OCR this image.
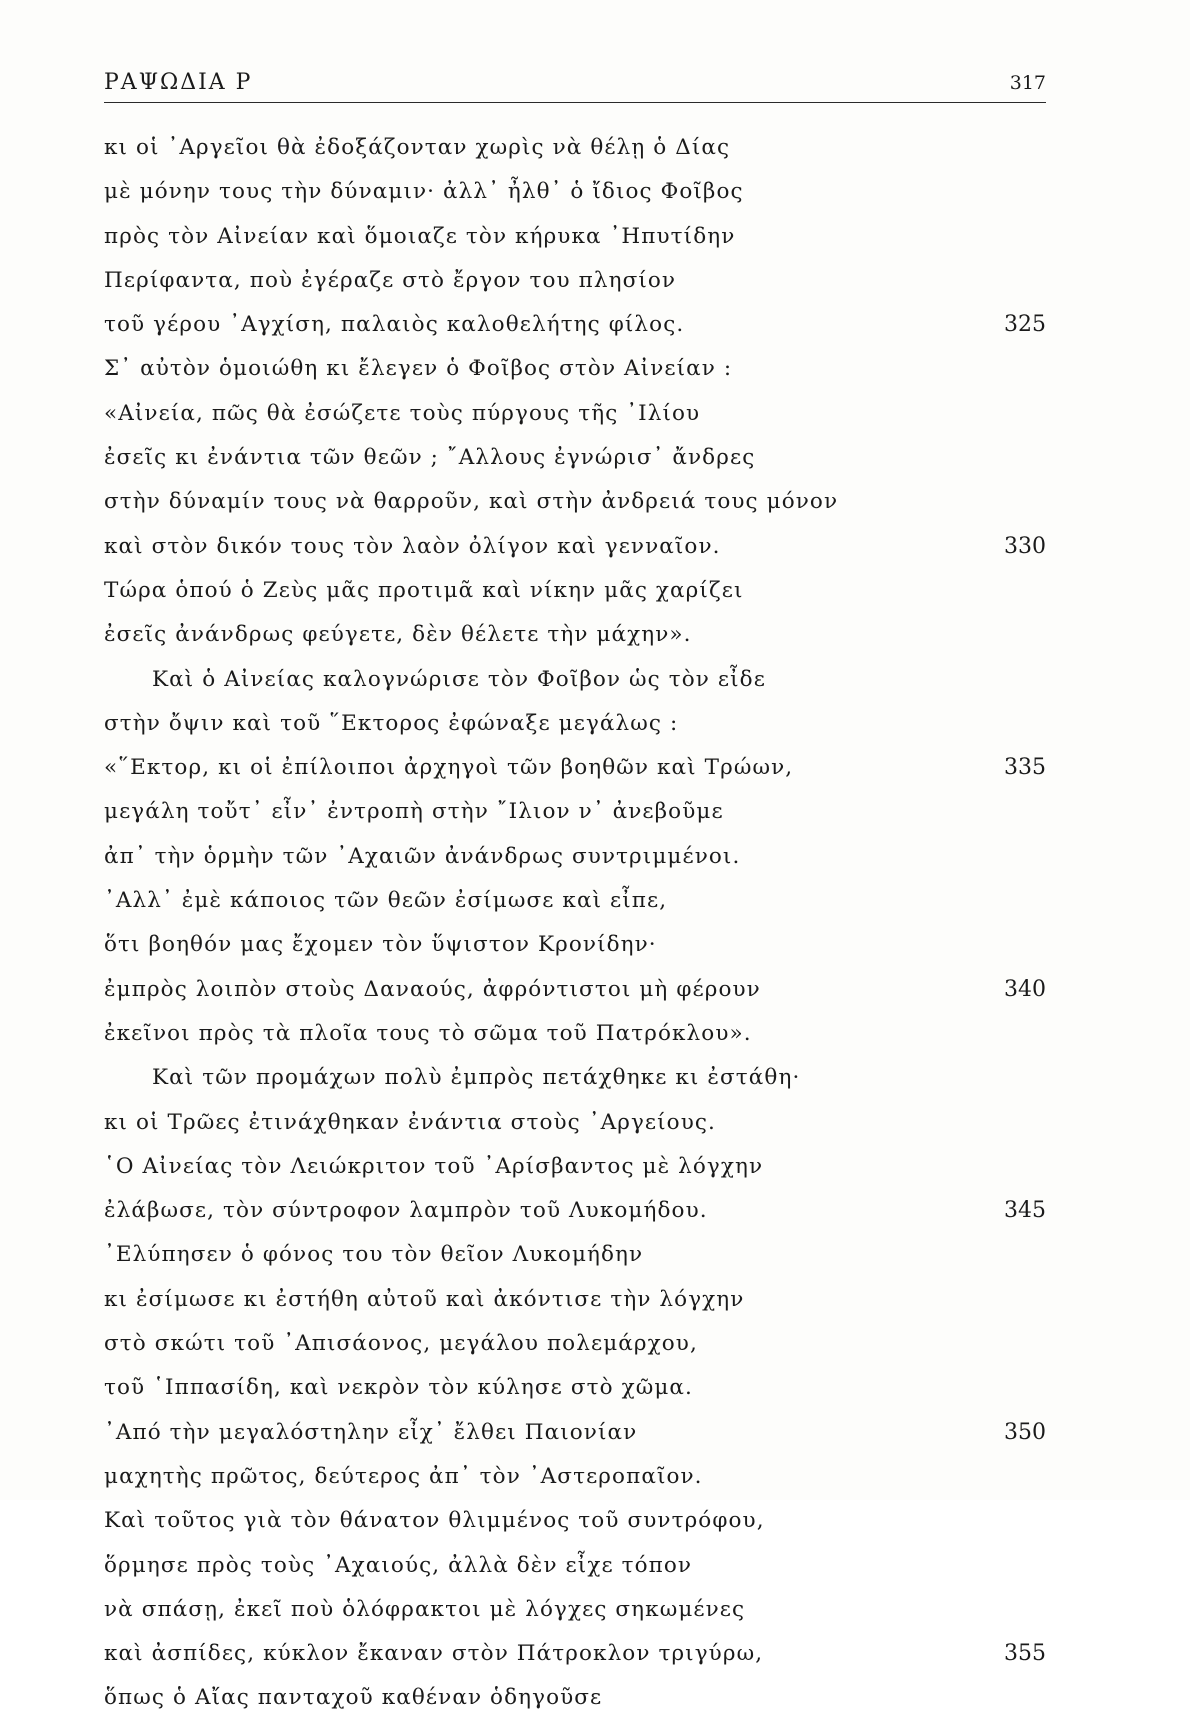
ΡΑΨΩΔΙΑ Ρ	317
κι οἱ ᾿Αργεῖοι θὰ ἐδοξάζονταν χωρὶς νὰ θέλῃ ὁ Δίας
μὲ μόνην τους τὴν δύναμιν· ἀλλ᾿ ἦλθ᾿ ὁ ἴδιος Φοῖβος
πρὸς τὸν Αἰνείαν καὶ ὅμοιαζε τὸν κήρυκα ᾿Ηπυτίδην
Περίφαντα, ποὺ ἐγέραζε στὸ ἔργον του πλησίον
τοῦ γέρου ᾿Αγχίση, παλαιὸς καλοθελήτης φίλος.	325
Σ᾿ αὐτὸν ὁμοιώθη κι ἔλεγεν ὁ Φοῖβος στὸν Αἰνείαν :
«Αἰνεία, πῶς θὰ ἐσώζετε τοὺς πύργους τῆς ᾿Ιλίου
ἐσεῖς κι ἐνάντια τῶν θεῶν ; ῎Αλλους ἐγνώρισ᾿ ἄνδρες
στὴν δύναμίν τους νὰ θαρροῦν, καὶ στὴν ἀνδρειά τους μόνον
καὶ στὸν δικόν τους τὸν λαὸν ὀλίγον καὶ γενναῖον.	330
Τώρα ὁπού ὁ Ζεὺς μᾶς προτιμᾶ καὶ νίκην μᾶς χαρίζει
ἐσεῖς ἀνάνδρως φεύγετε, δὲν θέλετε τὴν μάχην».
Καὶ ὁ Αἰνείας καλογνώρισε τὸν Φοῖβον ὡς τὸν εἶδε
στὴν ὄψιν καὶ τοῦ ῞Εκτορος ἐφώναξε μεγάλως :
«῞Εκτορ, κι οἱ ἐπίλοιποι ἀρχηγοὶ τῶν βοηθῶν καὶ Τρώων,	335
μεγάλη τοὔτ᾿ εἶν᾿ ἐντροπὴ στὴν ῎Ιλιον ν᾿ ἀνεβοῦμε
ἀπ᾿ τὴν ὁρμὴν τῶν ᾿Αχαιῶν ἀνάνδρως συντριμμένοι.
᾿Αλλ᾿ ἐμὲ κάποιος τῶν θεῶν ἐσίμωσε καὶ εἶπε,
ὅτι βοηθόν μας ἔχομεν τὸν ὕψιστον Κρονίδην·
ἐμπρὸς λοιπὸν στοὺς Δαναούς, ἀφρόντιστοι μὴ φέρουν	340
ἐκεῖνοι πρὸς τὰ πλοῖα τους τὸ σῶμα τοῦ Πατρόκλου».
Καὶ τῶν προμάχων πολὺ ἐμπρὸς πετάχθηκε κι ἐστάθη·
κι οἱ Τρῶες ἐτινάχθηκαν ἐνάντια στοὺς ᾿Αργείους.
῾Ο Αἰνείας τὸν Λειώκριτον τοῦ ᾿Αρίσβαντος μὲ λόγχην
ἐλάβωσε, τὸν σύντροφον λαμπρὸν τοῦ Λυκομήδου.	345
᾿Ελύπησεν ὁ φόνος του τὸν θεῖον Λυκομήδην
κι ἐσίμωσε κι ἐστήθη αὐτοῦ καὶ ἀκόντισε τὴν λόγχην
στὸ σκώτι τοῦ ᾿Απισάονος, μεγάλου πολεμάρχου,
τοῦ ῾Ιππασίδη, καὶ νεκρὸν τὸν κύλησε στὸ χῶμα.
᾿Από τὴν μεγαλόστηλην εἶχ᾿ ἔλθει Παιονίαν	350
μαχητὴς πρῶτος, δεύτερος ἀπ᾿ τὸν ᾿Αστεροπαῖον.
Καὶ τοῦτος γιὰ τὸν θάνατον θλιμμένος τοῦ συντρόφου,
ὅρμησε πρὸς τοὺς ᾿Αχαιούς, ἀλλὰ δὲν εἶχε τόπον
νὰ σπάσῃ, ἐκεῖ ποὺ ὁλόφρακτοι μὲ λόγχες σηκωμένες
καὶ ἀσπίδες, κύκλον ἔκαναν στὸν Πάτροκλον τριγύρω,	355
ὅπως ὁ Αἴας πανταχοῦ καθέναν ὁδηγοῦσε
